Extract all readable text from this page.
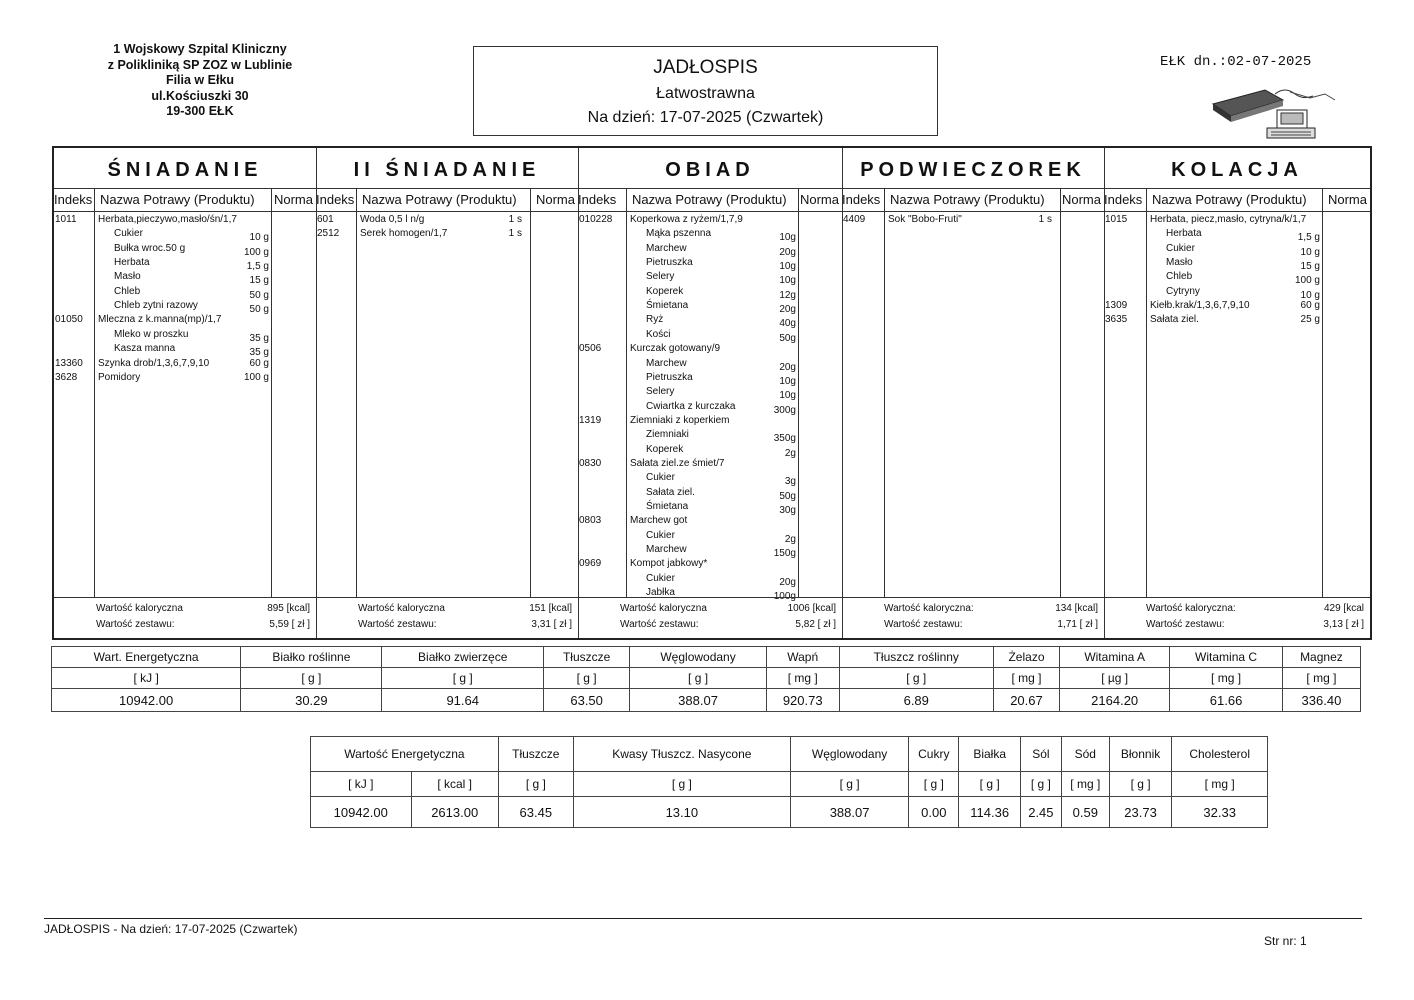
1 Wojskowy Szpital Kliniczny
z Polikliniką SP ZOZ w Lublinie
Filia w Ełku
ul.Kościuszki 30
19-300 EŁK
JADŁOSPIS
Łatwostrawna
Na dzień: 17-07-2025 (Czwartek)
EŁK dn.:02-07-2025
ŚNIADANIE
Indeks Nazwa Potrawy (Produktu) Norma
1011 Herbata,pieczywo,masło/śn/1,7
Cukier	10 g
Bułka wroc.50 g	100 g
Herbata	1,5 g
Masło	15 g
Chleb	50 g
Chleb zytni razowy	50 g
01050 Mleczna z k.manna(mp)/1,7
Mleko w proszku	35 g
Kasza manna	35 g
13360 Szynka drob/1,3,6,7,9,10	60 g
3628 Pomidory	100 g
Wartość kaloryczna	895 [kcal]
Wartość zestawu:	5,59 [ zł ]
II ŚNIADANIE
Indeks Nazwa Potrawy (Produktu) Norma
601	Woda 0,5 l n/g	1 s
2512 Serek homogen/1,7	1 s
Wartość kaloryczna	151 [kcal]
Wartość zestawu:	3,31 [ zł ]
OBIAD
Indeks Nazwa Potrawy (Produktu) Norma
010228 Koperkowa z ryżem/1,7,9
Mąka pszenna	10g
Marchew	20g
Pietruszka	10g
Selery	10g
Koperek	12g
Śmietana	20g
Ryż	40g
Kości	50g
0506	Kurczak gotowany/9
Marchew	20g
Pietruszka	10g
Selery	10g
Cwiartka z kurczaka	300g
1319	Ziemniaki z koperkiem
Ziemniaki	350g
Koperek	2g
0830	Sałata ziel.ze śmiet/7
Cukier	3g
Sałata ziel.	50g
Śmietana	30g
0803	Marchew got
Cukier	2g
Marchew	150g
0969	Kompot jabkowy*
Cukier	20g
Jabłka	100g
Wartość kaloryczna	1006 [kcal]
Wartość zestawu:	5,82 [ zł ]
PODWIECZOREK
Indeks Nazwa Potrawy (Produktu) Norma
4409 Sok "Bobo-Fruti"	1 s
Wartość kaloryczna:	134 [kcal]
Wartość zestawu:	1,71 [ zł ]
KOLACJA
Indeks Nazwa Potrawy (Produktu) Norma
1015 Herbata, piecz,masło, cytryna/k/1,7
Herbata	1,5 g
Cukier	10 g
Masło	15 g
Chleb	100 g
Cytryny	10 g
1309 Kiełb.krak/1,3,6,7,9,10	60 g
3635 Sałata ziel.	25 g
Wartość kaloryczna:	429 [kcal
Wartość zestawu:	3,13 [ zł ]
Wart. Energetyczna	Białko roślinne	Białko zwierzęce	Tłuszcze	Węglowodany	Wapń	Tłuszcz roślinny	Żelazo	Witamina A	Witamina C	Magnez
[ kJ ]	[ g ]	[ g ]	[ g ]	[ g ]	[ mg ]	[ g ]	[ mg ]	[ µg ]	[ mg ]	[ mg ]
10942.00	30.29	91.64	63.50	388.07	920.73	6.89	20.67	2164.20	61.66	336.40
Wartość Energetyczna		Tłuszcze	Kwasy Tłuszcz. Nasycone	Węglowodany	Cukry	Białka	Sól	Sód	Błonnik	Cholesterol
[ kJ ]	[ kcal ]	[ g ]	[ g ]	[ g ]	[ g ]	[ g ]	[ g ]	[ mg ]	[ g ]	[ mg ]
10942.00	2613.00	63.45	13.10	388.07	0.00	114.36	2.45	0.59	23.73	32.33
JADŁOSPIS - Na dzień: 17-07-2025 (Czwartek)
Str nr: 1
